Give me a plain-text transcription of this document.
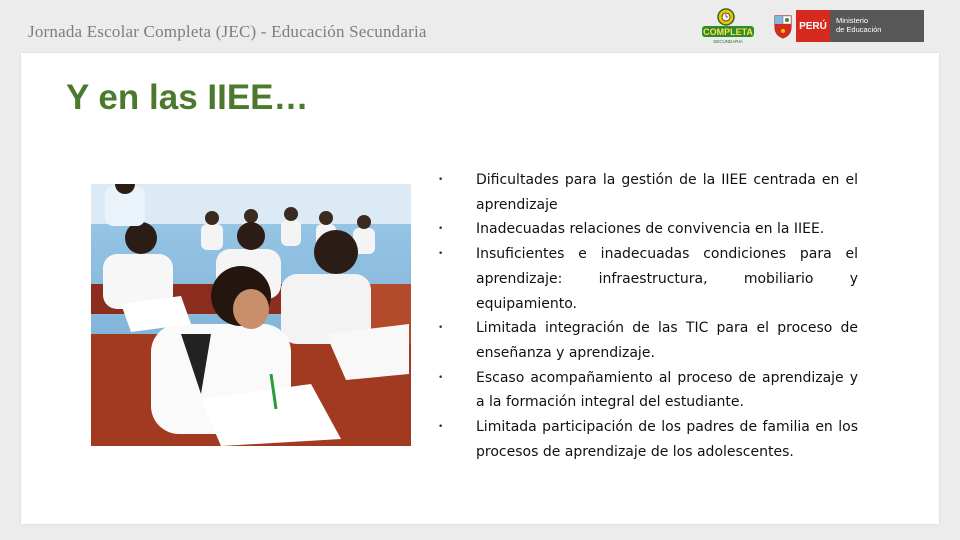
Jornada Escolar Completa (JEC) - Educación Secundaria	COMPLETA
SECUNDARIA
PERÚ	Ministerio
de Educación
Y en las IIEE…
• Dificultades para la gestión de la IIEE centrada en el aprendizaje
• Inadecuadas relaciones de convivencia en la IIEE.
• Insuficientes e inadecuadas condiciones para el aprendizaje: infraestructura, mobiliario y equipamiento.
• Limitada integración de las TIC para el proceso de enseñanza y aprendizaje.
• Escaso acompañamiento al proceso de aprendizaje y a la formación integral del estudiante.
• Limitada participación de los padres de familia en los procesos de aprendizaje de los adolescentes.
